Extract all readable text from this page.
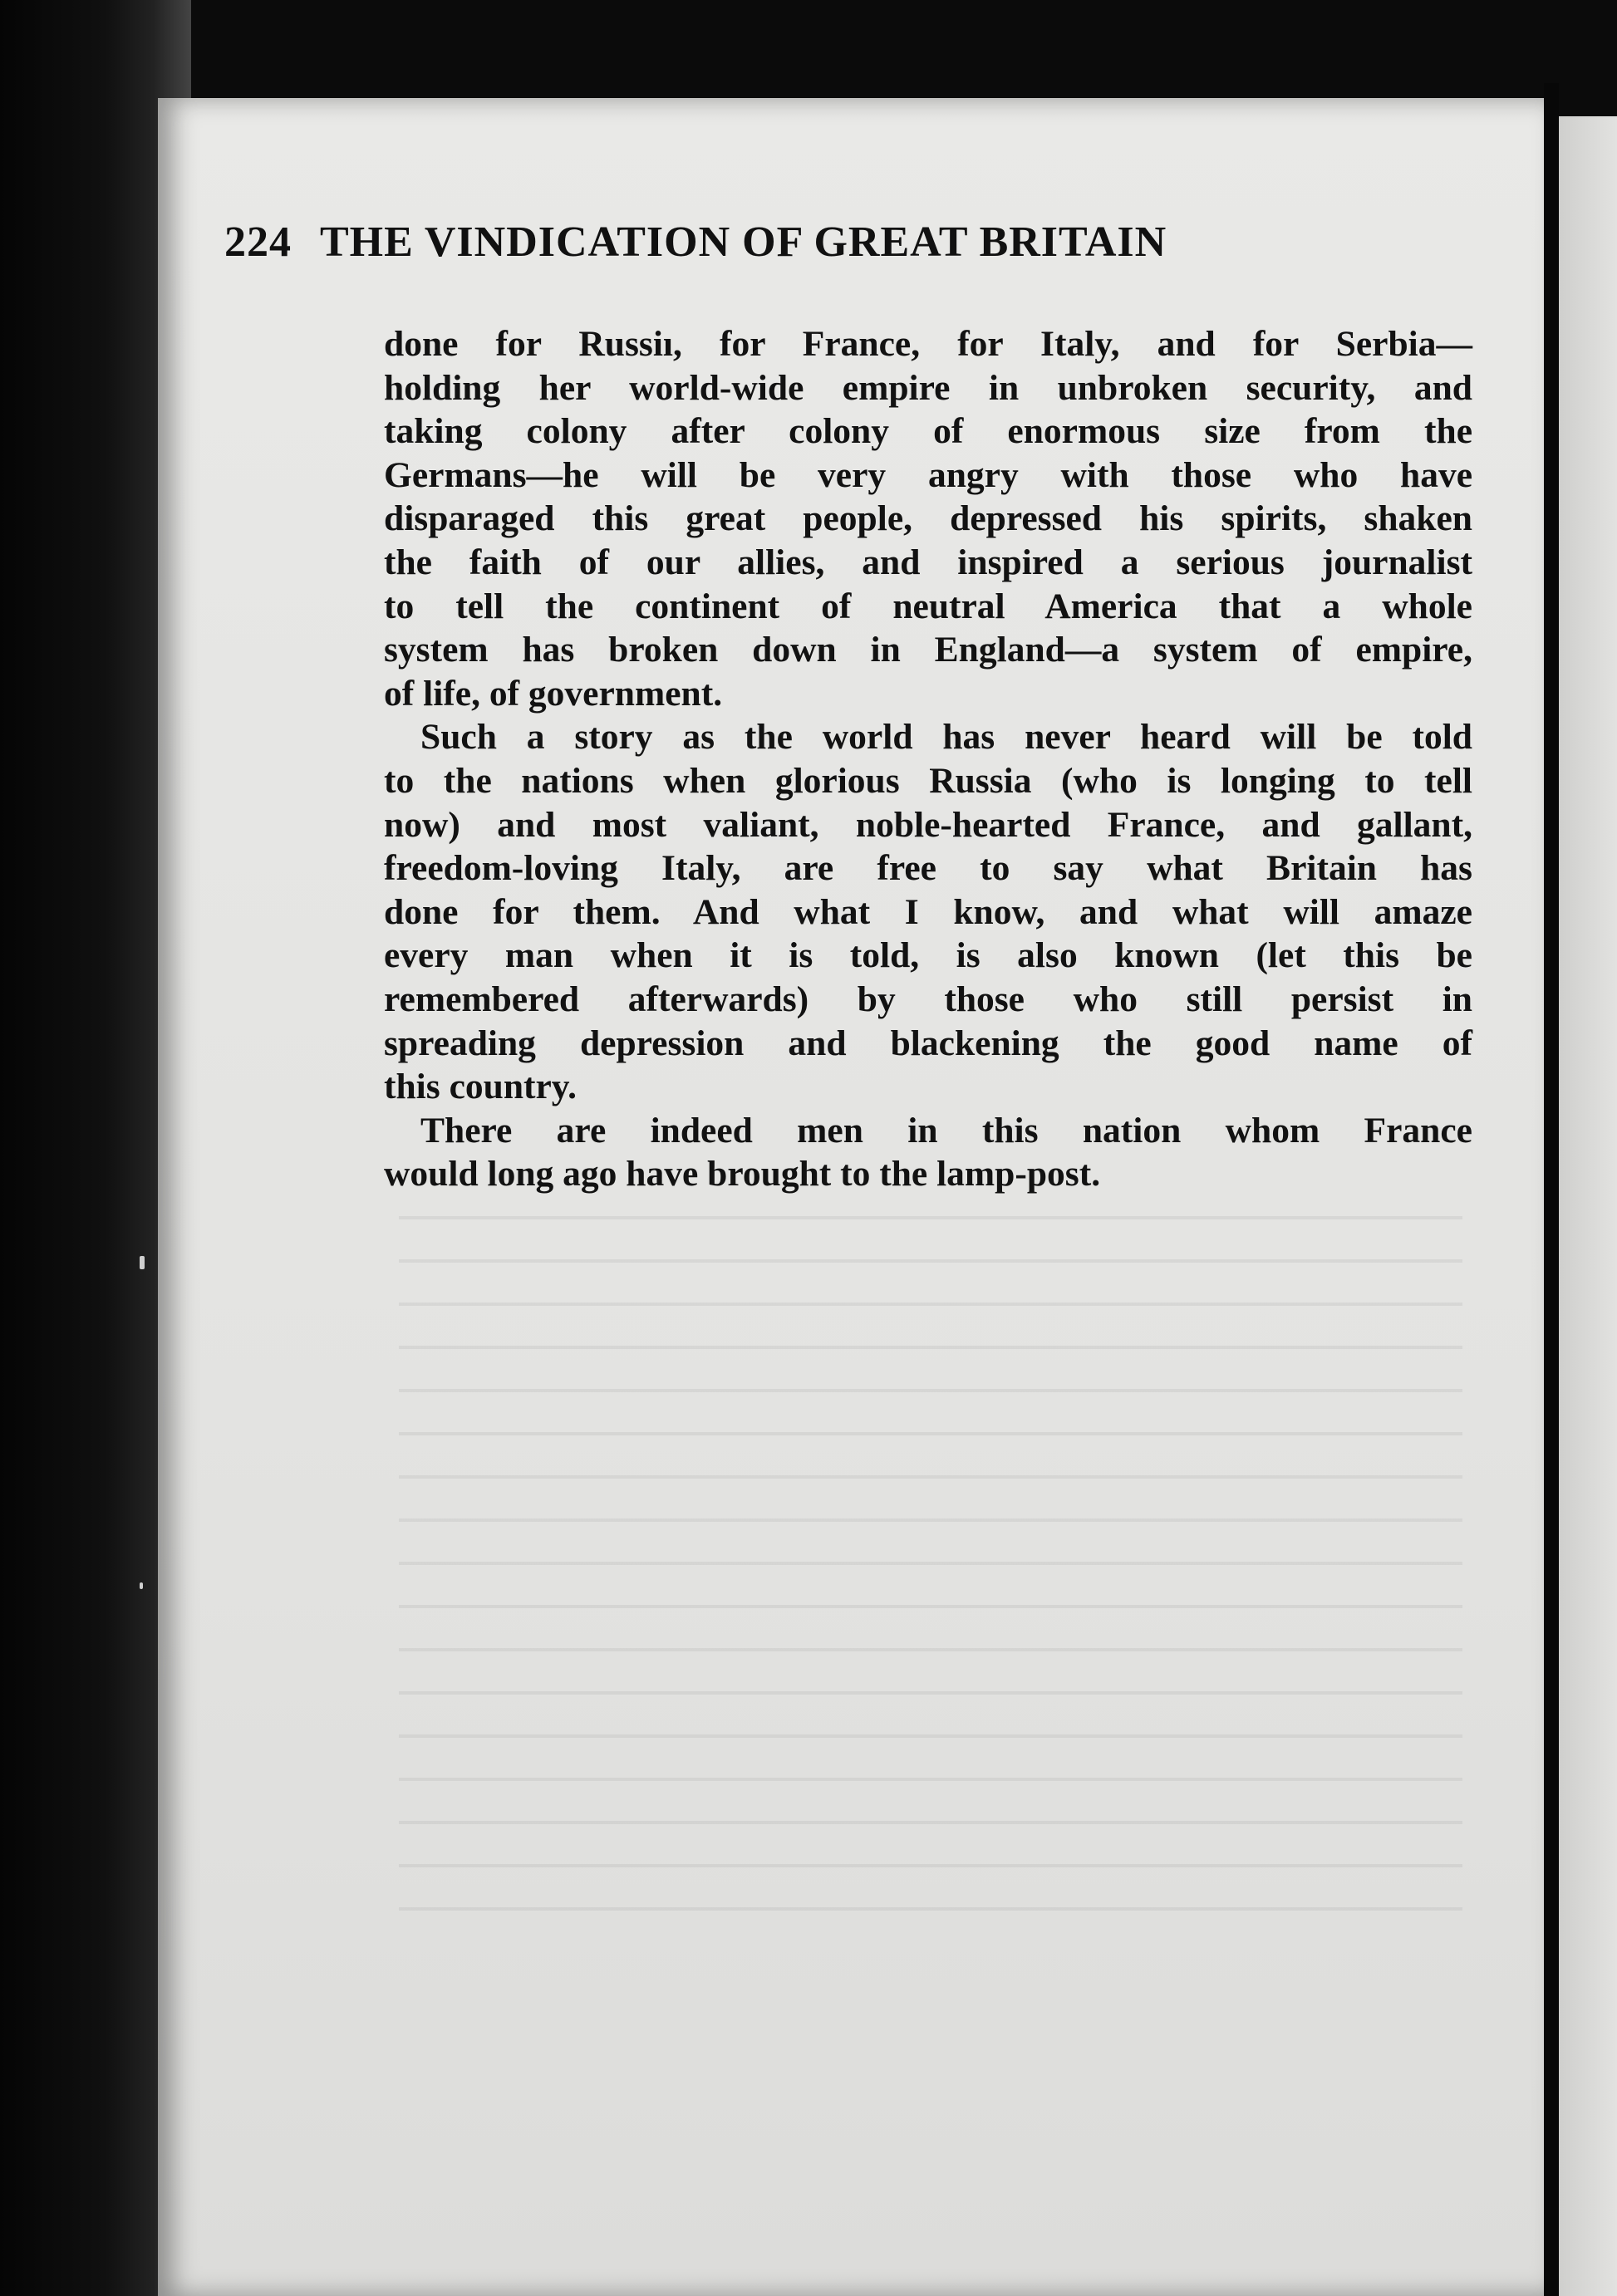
224 THE VINDICATION OF GREAT BRITAIN
done for Russiı, for France, for Italy, and for Serbia—
holding her world-wide empire in unbroken security, and
taking colony after colony of enormous size from the
Germans—he will be very angry with those who have
disparaged this great people, depressed his spirits, shaken
the faith of our allies, and inspired a serious journalist
to tell the continent of neutral America that a whole
system has broken down in England—a system of empire,
of life, of government.
Such a story as the world has never heard will be told
to the nations when glorious Russia (who is longing to tell
now) and most valiant, noble-hearted France, and gallant,
freedom-loving Italy, are free to say what Britain has
done for them. And what I know, and what will amaze
every man when it is told, is also known (let this be
remembered afterwards) by those who still persist in
spreading depression and blackening the good name of
this country.
There are indeed men in this nation whom France
would long ago have brought to the lamp-post.
